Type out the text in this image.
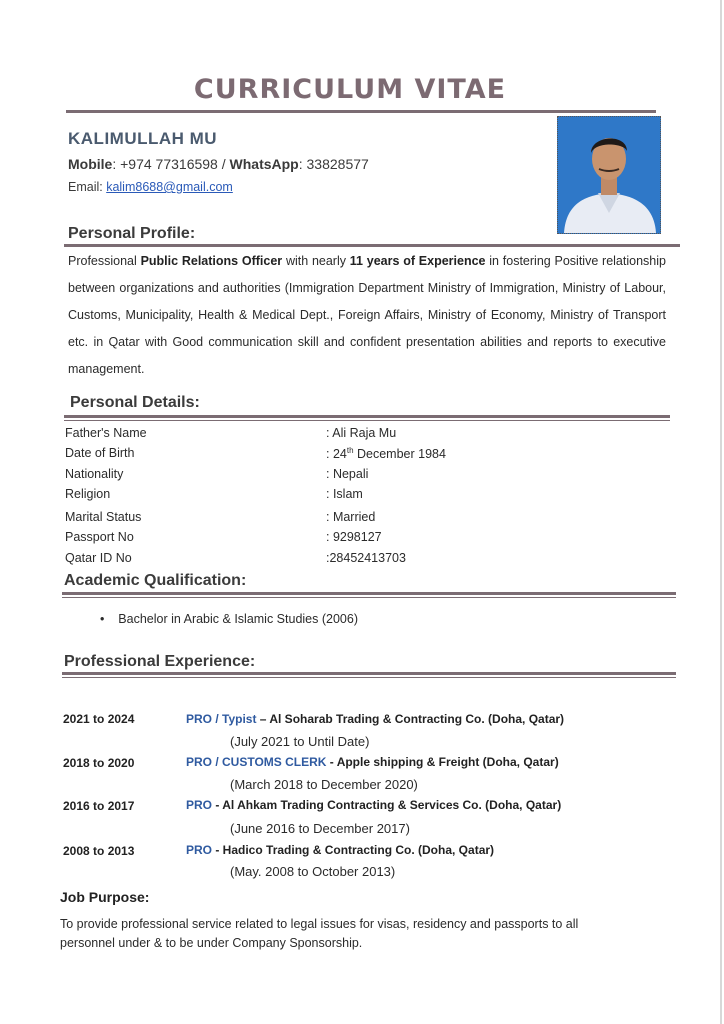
CURRICULUM VITAE
KALIMULLAH MU
Mobile: +974 77316598 / WhatsApp: 33828577
Email: kalim8688@gmail.com
Personal Profile:
Professional Public Relations Officer with nearly 11 years of Experience in fostering Positive relationship between organizations and authorities (Immigration Department Ministry of Immigration, Ministry of Labour, Customs, Municipality, Health & Medical Dept., Foreign Affairs, Ministry of Economy, Ministry of Transport etc. in Qatar with Good communication skill and confident presentation abilities and reports to executive management.
Personal Details:
Father's Name	: Ali Raja Mu
Date of Birth	: 24th December 1984
Nationality	: Nepali
Religion	: Islam
Marital Status	: Married
Passport No	: 9298127
Qatar ID No	:28452413703
Academic Qualification:
•    Bachelor in Arabic & Islamic Studies (2006)
Professional Experience:
2021 to 2024	PRO / Typist – Al Soharab Trading & Contracting Co. (Doha, Qatar)
(July 2021 to Until Date)
2018 to 2020	PRO / CUSTOMS CLERK - Apple shipping & Freight (Doha, Qatar)
(March 2018 to December 2020)
2016 to 2017	PRO - Al Ahkam Trading Contracting & Services Co. (Doha, Qatar)
(June 2016 to December 2017)
2008 to 2013	PRO - Hadico Trading & Contracting Co. (Doha, Qatar)
(May. 2008 to October 2013)
Job Purpose:
To provide professional service related to legal issues for visas, residency and passports to all personnel under & to be under Company Sponsorship.
